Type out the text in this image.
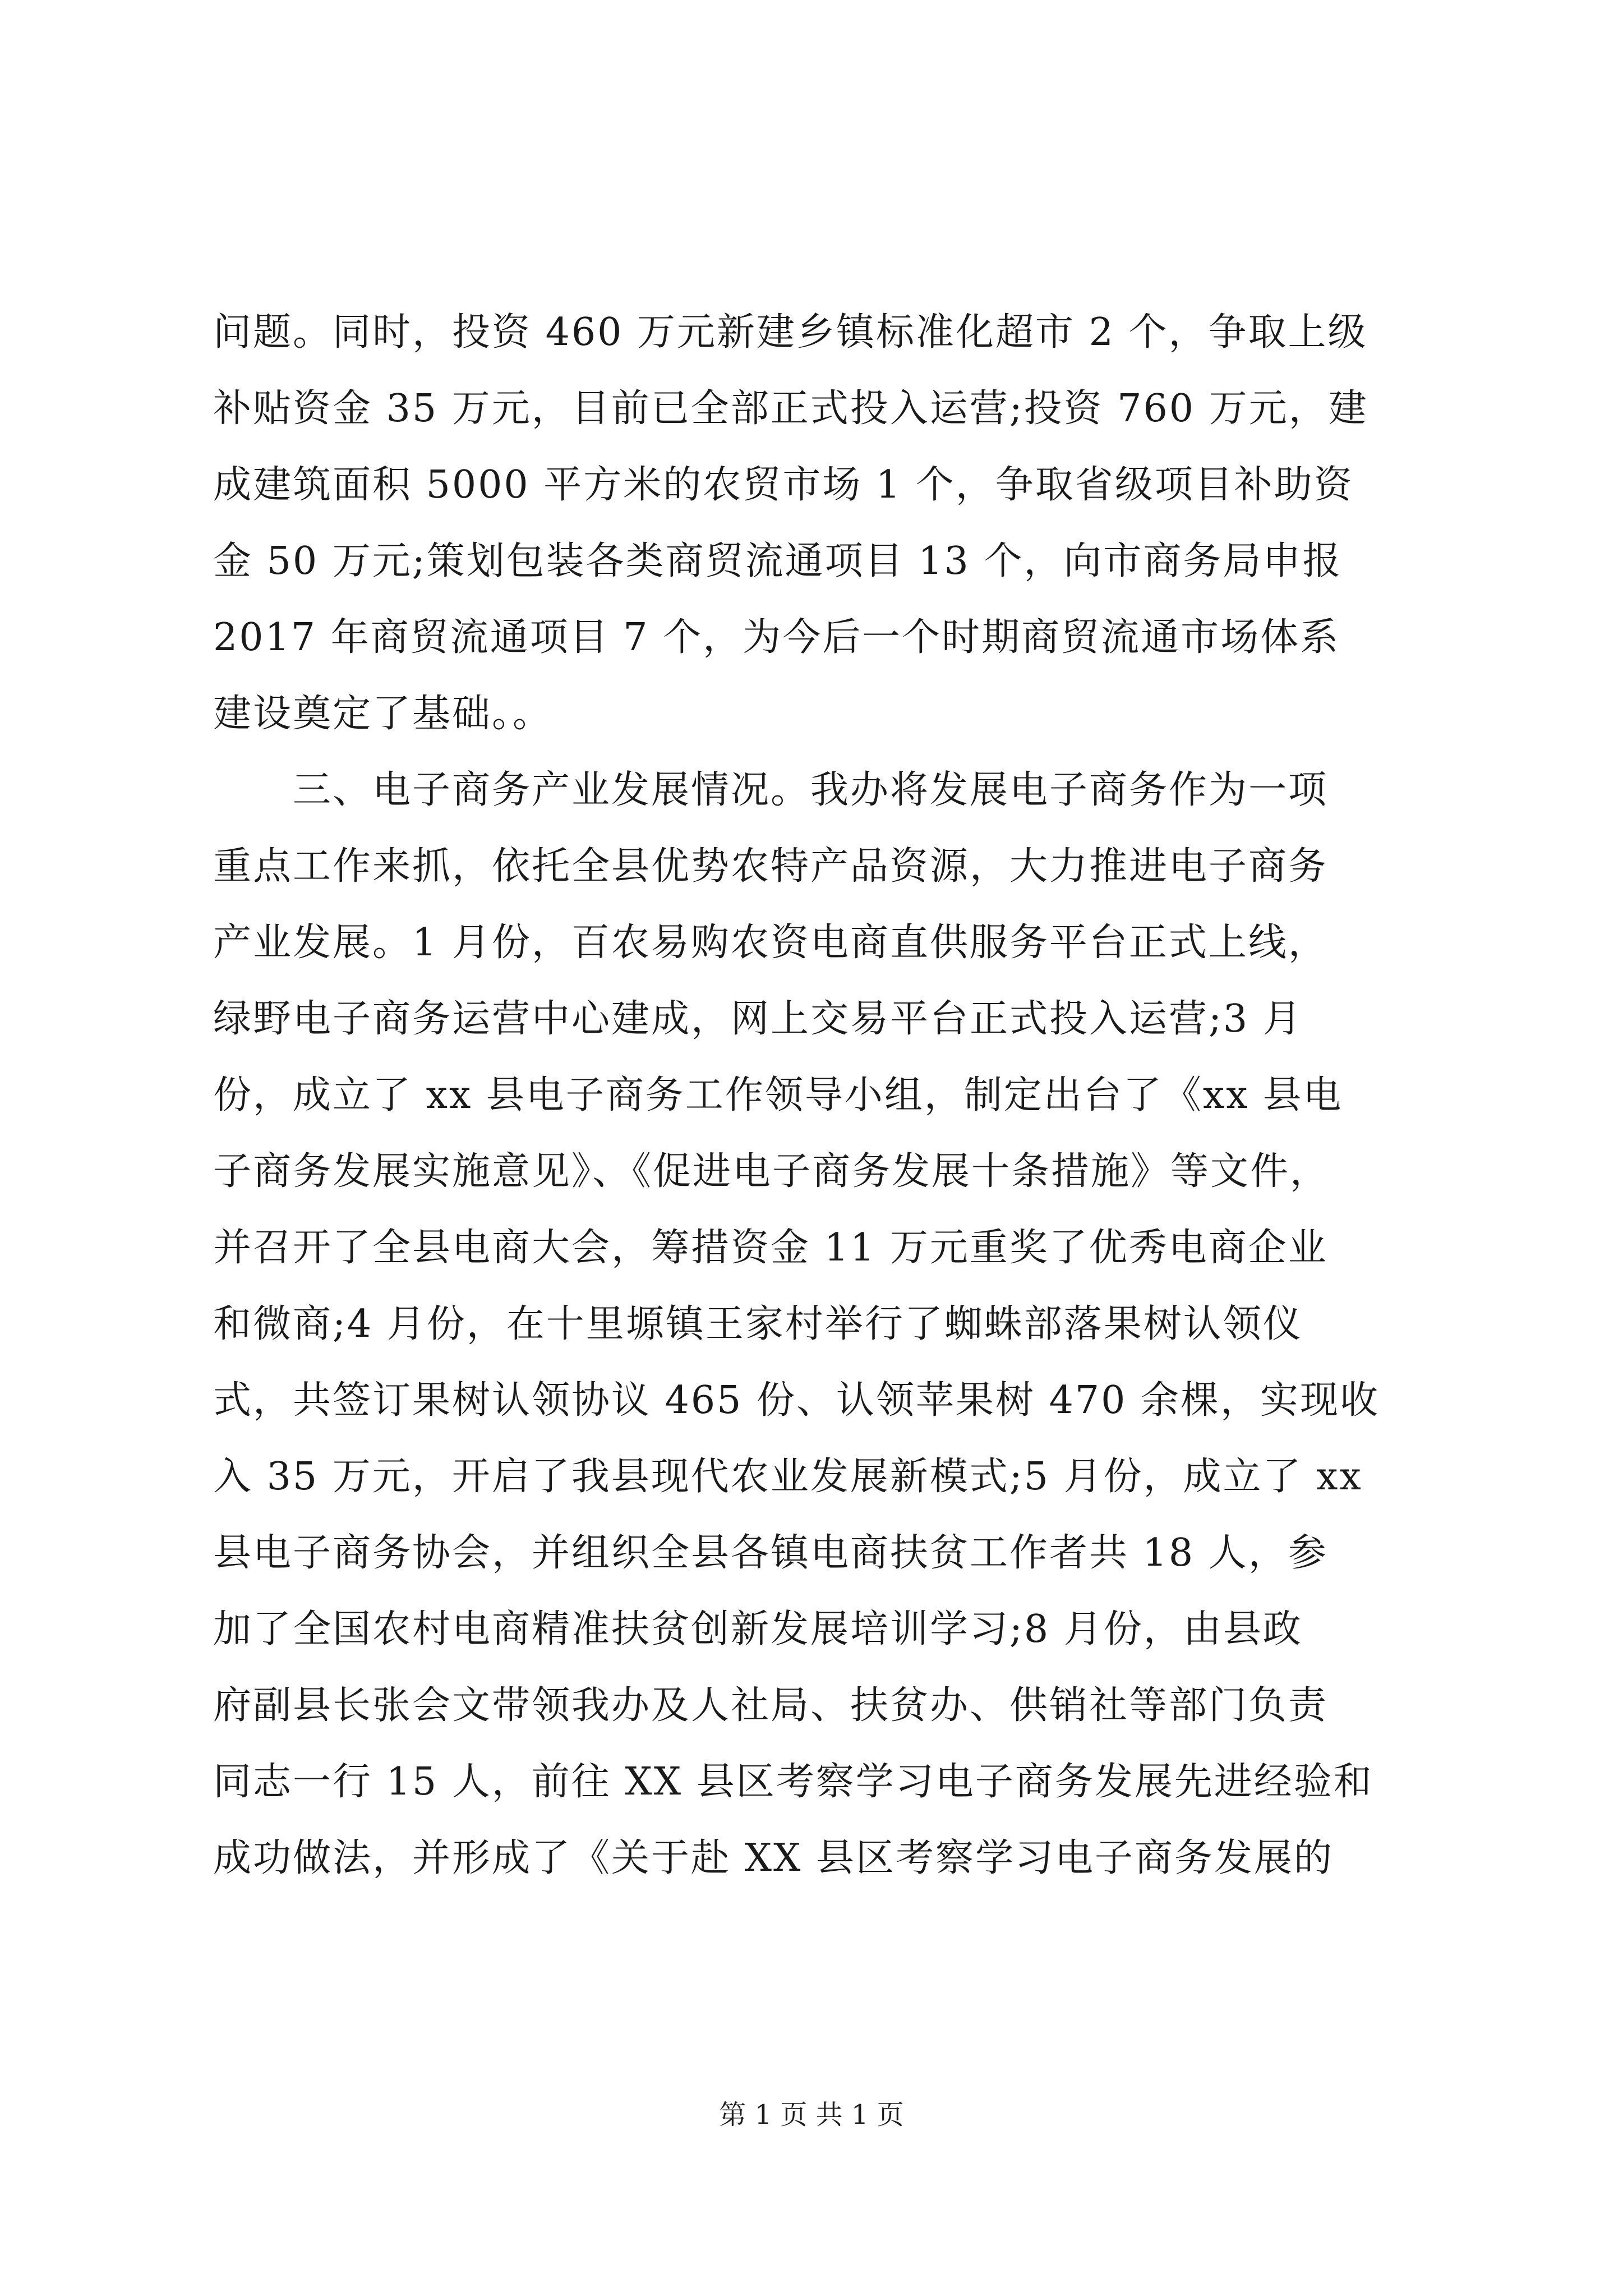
问题。同时，投资 460 万元新建乡镇标准化超市 2 个，争取上级
补贴资金 35 万元，目前已全部正式投入运营;投资 760 万元，建
成建筑面积 5000 平方米的农贸市场 1 个，争取省级项目补助资
金 50 万元;策划包装各类商贸流通项目 13 个，向市商务局申报
2017 年商贸流通项目 7 个，为今后一个时期商贸流通市场体系
建设奠定了基础。。
　　三、电子商务产业发展情况。我办将发展电子商务作为一项
重点工作来抓，依托全县优势农特产品资源，大力推进电子商务
产业发展。1 月份，百农易购农资电商直供服务平台正式上线，
绿野电子商务运营中心建成，网上交易平台正式投入运营;3 月
份，成立了 xx 县电子商务工作领导小组，制定出台了《xx 县电
子商务发展实施意见》、《促进电子商务发展十条措施》等文件，
并召开了全县电商大会，筹措资金 11 万元重奖了优秀电商企业
和微商;4 月份，在十里塬镇王家村举行了蜘蛛部落果树认领仪
式，共签订果树认领协议 465 份、认领苹果树 470 余棵，实现收
入 35 万元，开启了我县现代农业发展新模式;5 月份，成立了 xx
县电子商务协会，并组织全县各镇电商扶贫工作者共 18 人，参
加了全国农村电商精准扶贫创新发展培训学习;8 月份，由县政
府副县长张会文带领我办及人社局、扶贫办、供销社等部门负责
同志一行 15 人，前往 XX 县区考察学习电子商务发展先进经验和
成功做法，并形成了《关于赴 XX 县区考察学习电子商务发展的
第 1 页 共 1 页
